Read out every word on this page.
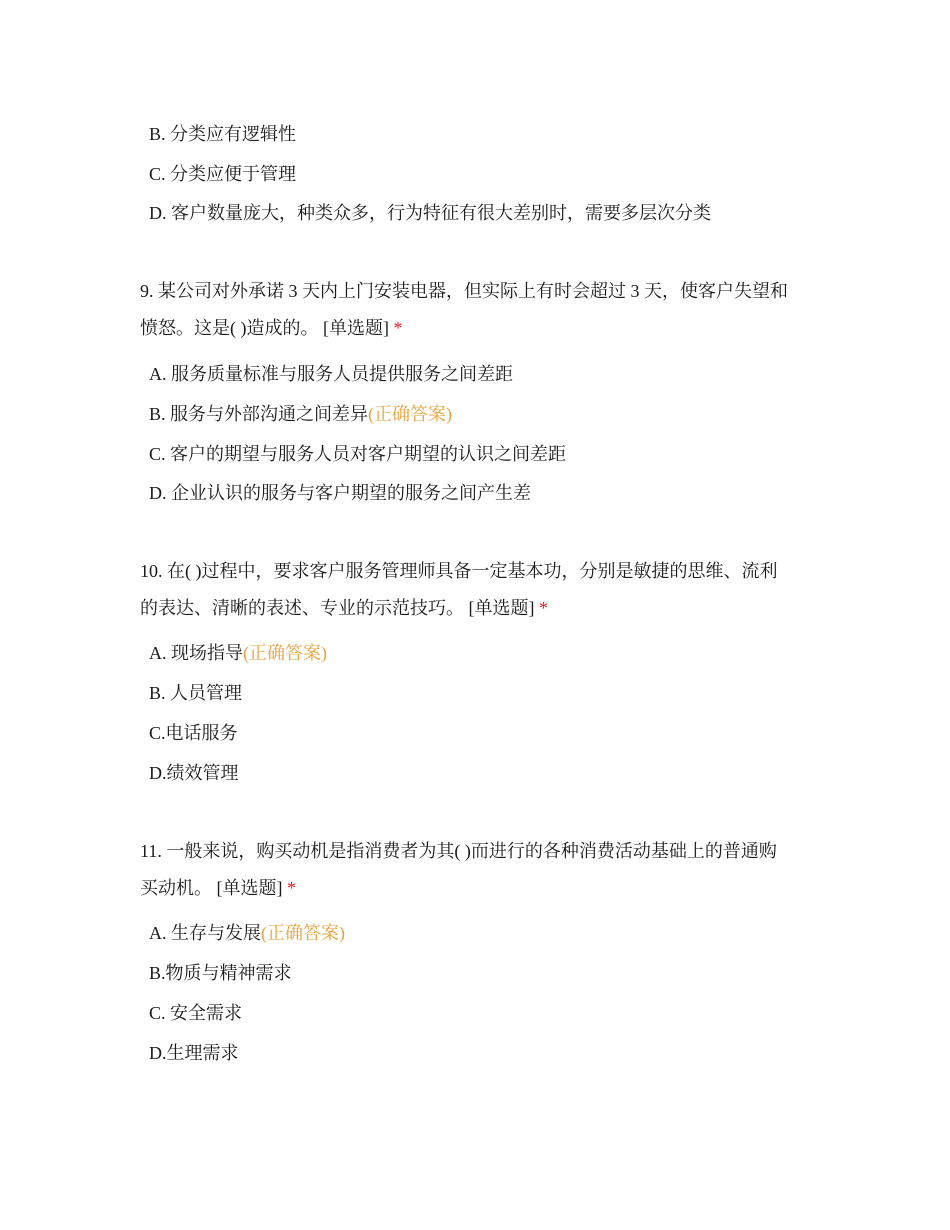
B. 分类应有逻辑性
C. 分类应便于管理
D. 客户数量庞大，种类众多，行为特征有很大差别时，需要多层次分类
9. 某公司对外承诺 3 天内上门安装电器，但实际上有时会超过 3 天，使客户失望和
愤怒。这是( )造成的。 [单选题] *
A. 服务质量标准与服务人员提供服务之间差距
B. 服务与外部沟通之间差异(正确答案)
C. 客户的期望与服务人员对客户期望的认识之间差距
D. 企业认识的服务与客户期望的服务之间产生差
10. 在( )过程中，要求客户服务管理师具备一定基本功，分别是敏捷的思维、流利
的表达、清晰的表述、专业的示范技巧。 [单选题] *
A. 现场指导(正确答案)
B. 人员管理
C.电话服务
D.绩效管理
11. 一般来说，购买动机是指消费者为其( )而进行的各种消费活动基础上的普通购
买动机。 [单选题] *
A. 生存与发展(正确答案)
B.物质与精神需求
C. 安全需求
D.生理需求
